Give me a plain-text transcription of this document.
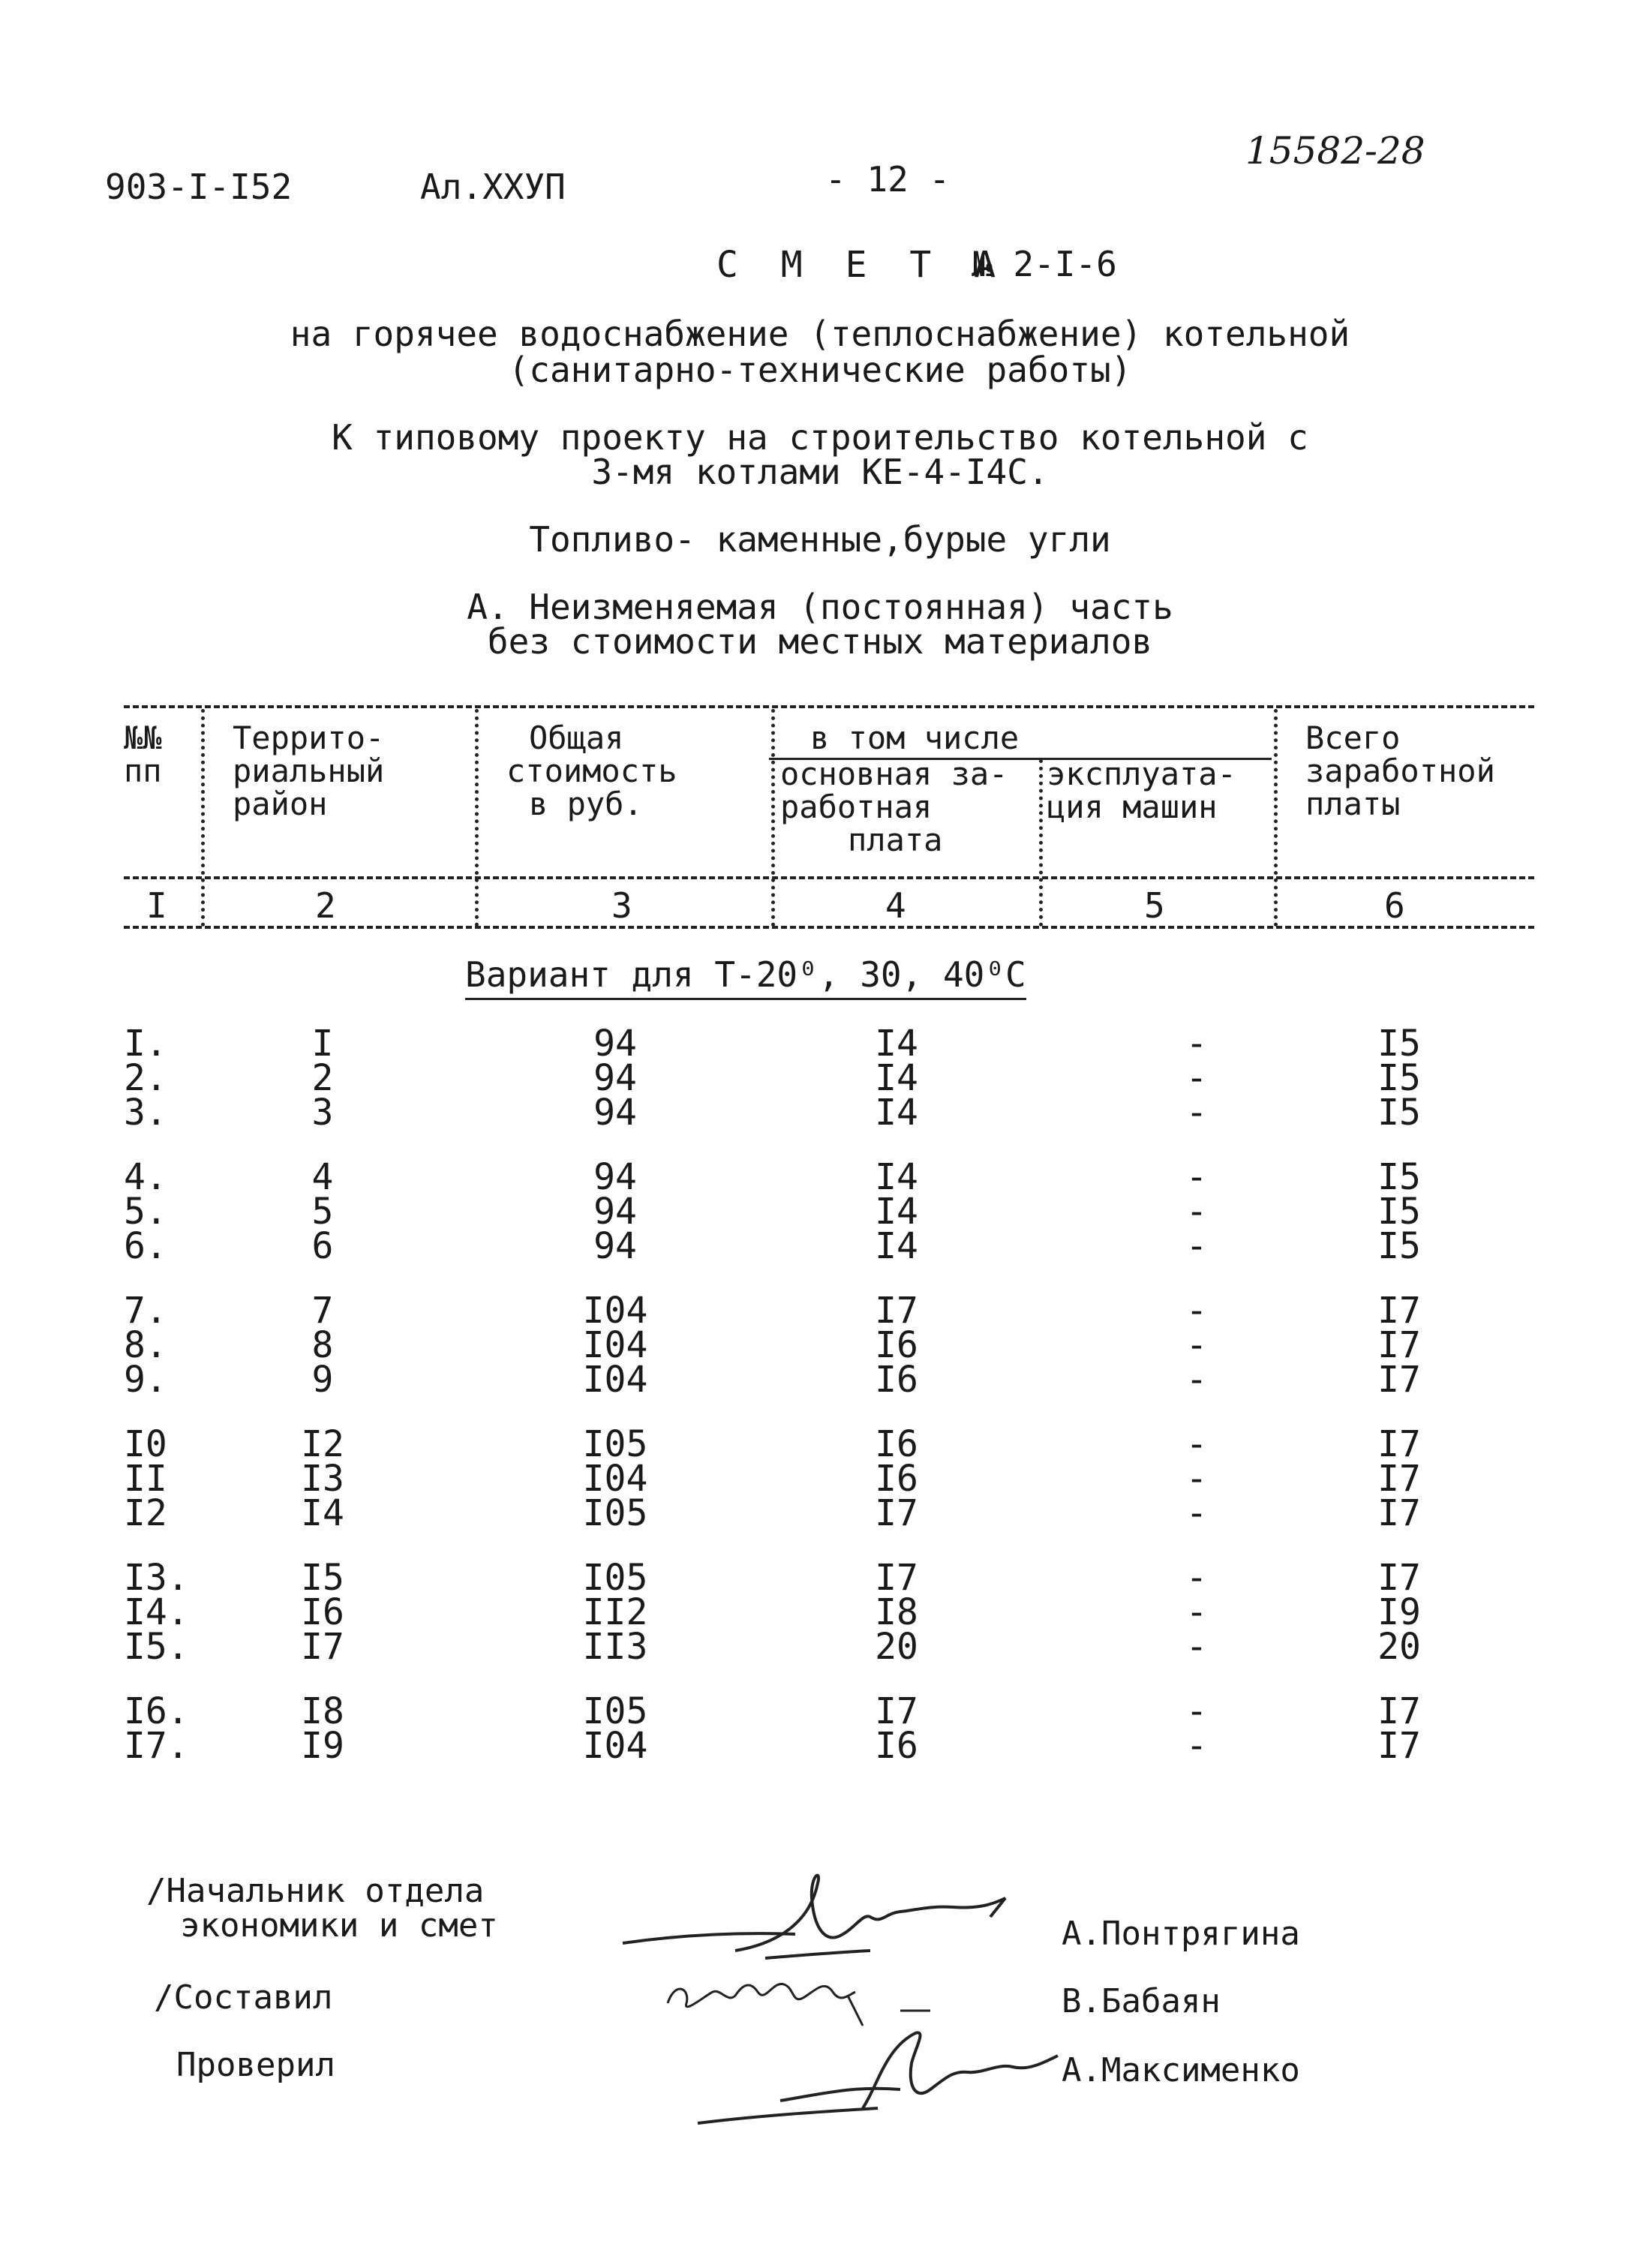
903-I-I52	Ал.ХХУП	- 12 -
15582-28
С М Е Т А
№ 2-I-6
на горячее водоснабжение (теплоснабжение) котельной
(санитарно-технические работы)
К типовому проекту на строительство котельной с
3-мя котлами КЕ-4-I4С.
Топливо- каменные,бурые угли
А. Неизменяемая (постоянная) часть
без стоимости местных материалов
№№
пп
Террито-
риальный
район
Общая
стоимость
в руб.
в том числе
основная за-
работная
плата
эксплуата-
ция машин
Всего
заработной
платы
I	2	3	4	5	6
Вариант для Т-20⁰, 30, 40⁰С
I.	I	94	I4	-	I5
2.	2	94	I4	-	I5
3.	3	94	I4	-	I5
4.	4	94	I4	-	I5
5.	5	94	I4	-	I5
6.	6	94	I4	-	I5
7.	7	I04	I7	-	I7
8.	8	I04	I6	-	I7
9.	9	I04	I6	-	I7
I0	I2	I05	I6	-	I7
II	I3	I04	I6	-	I7
I2	I4	I05	I7	-	I7
I3.	I5	I05	I7	-	I7
I4.	I6	II2	I8	-	I9
I5.	I7	II3	20	-	20
I6.	I8	I05	I7	-	I7
I7.	I9	I04	I6	-	I7
/Начальник отдела
экономики и смет	А.Понтрягина
/Составил	В.Бабаян
Проверил	А.Максименко
